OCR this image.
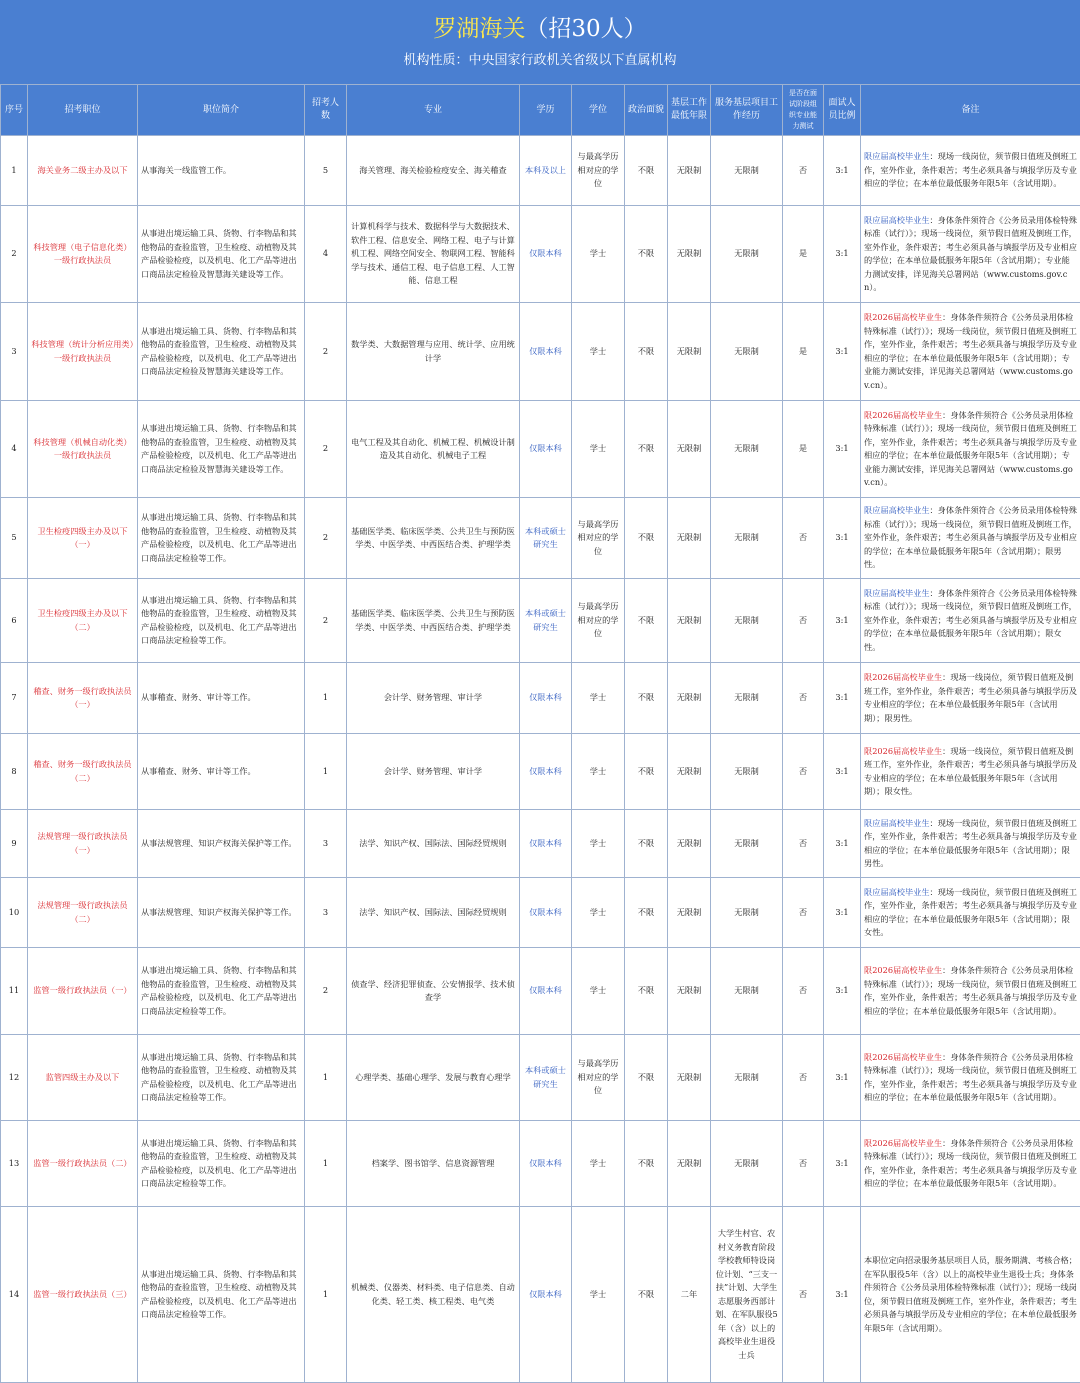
罗湖海关（招30人）
机构性质：中央国家行政机关省级以下直属机构
序号	招考职位	职位简介	招考人数	专业	学历	学位	政治面貌	基层工作最低年限	服务基层项目工作经历	是否在面试阶段组织专业能力测试	面试人员比例	备注
1	海关业务二级主办及以下	从事海关一线监管工作。	5	海关管理、海关检验检疫安全、海关稽查	本科及以上	与最高学历相对应的学位	不限	无限制	无限制	否	3:1	限应届高校毕业生：现场一线岗位，须节假日值班及倒班工作，室外作业，条件艰苦；考生必须具备与填报学历及专业相应的学位；在本单位最低服务年限5年（含试用期）。
2	科技管理（电子信息化类）一级行政执法员	从事进出境运输工具、货物、行李物品和其他物品的查验监管，卫生检疫、动植物及其产品检验检疫，以及机电、化工产品等进出口商品法定检验及智慧海关建设等工作。	4	计算机科学与技术、数据科学与大数据技术、软件工程、信息安全、网络工程、电子与计算机工程、网络空间安全、物联网工程、智能科学与技术、通信工程、电子信息工程、人工智能、信息工程	仅限本科	学士	不限	无限制	无限制	是	3:1	限应届高校毕业生：身体条件须符合《公务员录用体检特殊标准（试行）》；现场一线岗位，须节假日值班及倒班工作，室外作业，条件艰苦；考生必须具备与填报学历及专业相应的学位；在本单位最低服务年限5年（含试用期）；专业能力测试安排，详见海关总署网站（www.customs.gov.cn）。
3	科技管理（统计分析应用类）一级行政执法员	从事进出境运输工具、货物、行李物品和其他物品的查验监管，卫生检疫、动植物及其产品检验检疫，以及机电、化工产品等进出口商品法定检验及智慧海关建设等工作。	2	数学类、大数据管理与应用、统计学、应用统计学	仅限本科	学士	不限	无限制	无限制	是	3:1	限2026届高校毕业生：身体条件须符合《公务员录用体检特殊标准（试行）》；现场一线岗位，须节假日值班及倒班工作，室外作业，条件艰苦；考生必须具备与填报学历及专业相应的学位；在本单位最低服务年限5年（含试用期）；专业能力测试安排，详见海关总署网站（www.customs.gov.cn）。
4	科技管理（机械自动化类）一级行政执法员	从事进出境运输工具、货物、行李物品和其他物品的查验监管，卫生检疫、动植物及其产品检验检疫，以及机电、化工产品等进出口商品法定检验及智慧海关建设等工作。	2	电气工程及其自动化、机械工程、机械设计制造及其自动化、机械电子工程	仅限本科	学士	不限	无限制	无限制	是	3:1	限2026届高校毕业生：身体条件须符合《公务员录用体检特殊标准（试行）》；现场一线岗位，须节假日值班及倒班工作，室外作业，条件艰苦；考生必须具备与填报学历及专业相应的学位；在本单位最低服务年限5年（含试用期）；专业能力测试安排，详见海关总署网站（www.customs.gov.cn）。
5	卫生检疫四级主办及以下（一）	从事进出境运输工具、货物、行李物品和其他物品的查验监管，卫生检疫、动植物及其产品检验检疫，以及机电、化工产品等进出口商品法定检验等工作。	2	基础医学类、临床医学类、公共卫生与预防医学类、中医学类、中西医结合类、护理学类	本科或硕士研究生	与最高学历相对应的学位	不限	无限制	无限制	否	3:1	限应届高校毕业生：身体条件须符合《公务员录用体检特殊标准（试行）》；现场一线岗位，须节假日值班及倒班工作，室外作业，条件艰苦；考生必须具备与填报学历及专业相应的学位；在本单位最低服务年限5年（含试用期）；限男性。
6	卫生检疫四级主办及以下（二）	从事进出境运输工具、货物、行李物品和其他物品的查验监管，卫生检疫、动植物及其产品检验检疫，以及机电、化工产品等进出口商品法定检验等工作。	2	基础医学类、临床医学类、公共卫生与预防医学类、中医学类、中西医结合类、护理学类	本科或硕士研究生	与最高学历相对应的学位	不限	无限制	无限制	否	3:1	限应届高校毕业生：身体条件须符合《公务员录用体检特殊标准（试行）》；现场一线岗位，须节假日值班及倒班工作，室外作业，条件艰苦；考生必须具备与填报学历及专业相应的学位；在本单位最低服务年限5年（含试用期）；限女性。
7	稽查、财务一级行政执法员（一）	从事稽查、财务、审计等工作。	1	会计学、财务管理、审计学	仅限本科	学士	不限	无限制	无限制	否	3:1	限2026届高校毕业生：现场一线岗位，须节假日值班及倒班工作，室外作业，条件艰苦；考生必须具备与填报学历及专业相应的学位；在本单位最低服务年限5年（含试用期）；限男性。
8	稽查、财务一级行政执法员（二）	从事稽查、财务、审计等工作。	1	会计学、财务管理、审计学	仅限本科	学士	不限	无限制	无限制	否	3:1	限2026届高校毕业生：现场一线岗位，须节假日值班及倒班工作，室外作业，条件艰苦；考生必须具备与填报学历及专业相应的学位；在本单位最低服务年限5年（含试用期）；限女性。
9	法规管理一级行政执法员（一）	从事法规管理、知识产权海关保护等工作。	3	法学、知识产权、国际法、国际经贸规则	仅限本科	学士	不限	无限制	无限制	否	3:1	限应届高校毕业生：现场一线岗位，须节假日值班及倒班工作，室外作业，条件艰苦；考生必须具备与填报学历及专业相应的学位；在本单位最低服务年限5年（含试用期）；限男性。
10	法规管理一级行政执法员（二）	从事法规管理、知识产权海关保护等工作。	3	法学、知识产权、国际法、国际经贸规则	仅限本科	学士	不限	无限制	无限制	否	3:1	限应届高校毕业生：现场一线岗位，须节假日值班及倒班工作，室外作业，条件艰苦；考生必须具备与填报学历及专业相应的学位；在本单位最低服务年限5年（含试用期）；限女性。
11	监管一级行政执法员（一）	从事进出境运输工具、货物、行李物品和其他物品的查验监管，卫生检疫、动植物及其产品检验检疫，以及机电、化工产品等进出口商品法定检验等工作。	2	侦查学、经济犯罪侦查、公安情报学、技术侦查学	仅限本科	学士	不限	无限制	无限制	否	3:1	限2026届高校毕业生：身体条件须符合《公务员录用体检特殊标准（试行）》；现场一线岗位，须节假日值班及倒班工作，室外作业，条件艰苦；考生必须具备与填报学历及专业相应的学位；在本单位最低服务年限5年（含试用期）。
12	监管四级主办及以下	从事进出境运输工具、货物、行李物品和其他物品的查验监管，卫生检疫、动植物及其产品检验检疫，以及机电、化工产品等进出口商品法定检验等工作。	1	心理学类、基础心理学、发展与教育心理学	本科或硕士研究生	与最高学历相对应的学位	不限	无限制	无限制	否	3:1	限2026届高校毕业生：身体条件须符合《公务员录用体检特殊标准（试行）》；现场一线岗位，须节假日值班及倒班工作，室外作业，条件艰苦；考生必须具备与填报学历及专业相应的学位；在本单位最低服务年限5年（含试用期）。
13	监管一级行政执法员（二）	从事进出境运输工具、货物、行李物品和其他物品的查验监管，卫生检疫、动植物及其产品检验检疫，以及机电、化工产品等进出口商品法定检验等工作。	1	档案学、图书馆学、信息资源管理	仅限本科	学士	不限	无限制	无限制	否	3:1	限2026届高校毕业生：身体条件须符合《公务员录用体检特殊标准（试行）》；现场一线岗位，须节假日值班及倒班工作，室外作业，条件艰苦；考生必须具备与填报学历及专业相应的学位；在本单位最低服务年限5年（含试用期）。
14	监管一级行政执法员（三）	从事进出境运输工具、货物、行李物品和其他物品的查验监管，卫生检疫、动植物及其产品检验检疫，以及机电、化工产品等进出口商品法定检验等工作。	1	机械类、仪器类、材料类、电子信息类、自动化类、轻工类、核工程类、电气类	仅限本科	学士	不限	二年	大学生村官、农村义务教育阶段学校教师特设岗位计划、“三支一扶”计划、大学生志愿服务西部计划、在军队服役5年（含）以上的高校毕业生退役士兵	否	3:1	本职位定向招录服务基层项目人员，服务期满、考核合格；在军队服役5年（含）以上的高校毕业生退役士兵；身体条件须符合《公务员录用体检特殊标准（试行）》；现场一线岗位，须节假日值班及倒班工作，室外作业，条件艰苦；考生必须具备与填报学历及专业相应的学位；在本单位最低服务年限5年（含试用期）。
